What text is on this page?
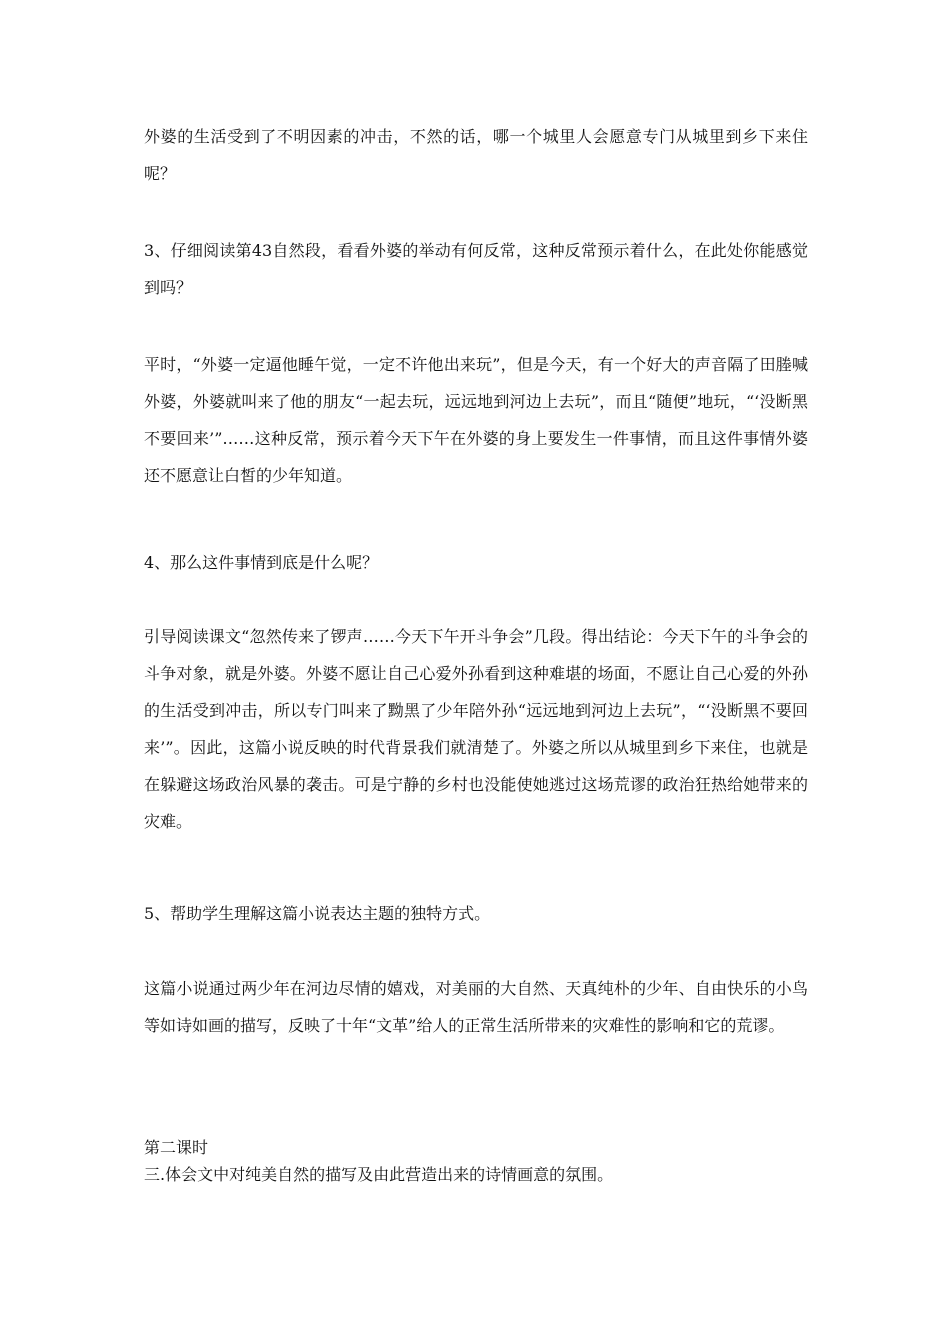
外婆的生活受到了不明因素的冲击，不然的话，哪一个城里人会愿意专门从城里到乡下来住呢？

3、仔细阅读第43自然段，看看外婆的举动有何反常，这种反常预示着什么，在此处你能感觉到吗？

平时，“外婆一定逼他睡午觉，一定不许他出来玩”，但是今天，有一个好大的声音隔了田塍喊外婆，外婆就叫来了他的朋友“一起去玩，远远地到河边上去玩”，而且“随便”地玩，“‘没断黑不要回来’”……这种反常，预示着今天下午在外婆的身上要发生一件事情，而且这件事情外婆还不愿意让白皙的少年知道。

4、那么这件事情到底是什么呢？

引导阅读课文“忽然传来了锣声……今天下午开斗争会”几段。得出结论：今天下午的斗争会的斗争对象，就是外婆。外婆不愿让自己心爱外孙看到这种难堪的场面，不愿让自己心爱的外孙的生活受到冲击，所以专门叫来了黝黑了少年陪外孙“远远地到河边上去玩”，“‘没断黑不要回来’”。因此，这篇小说反映的时代背景我们就清楚了。外婆之所以从城里到乡下来住，也就是在躲避这场政治风暴的袭击。可是宁静的乡村也没能使她逃过这场荒谬的政治狂热给她带来的灾难。

5、帮助学生理解这篇小说表达主题的独特方式。

这篇小说通过两少年在河边尽情的嬉戏，对美丽的大自然、天真纯朴的少年、自由快乐的小鸟等如诗如画的描写，反映了十年“文革”给人的正常生活所带来的灾难性的影响和它的荒谬。

第二课时

三.体会文中对纯美自然的描写及由此营造出来的诗情画意的氛围。
